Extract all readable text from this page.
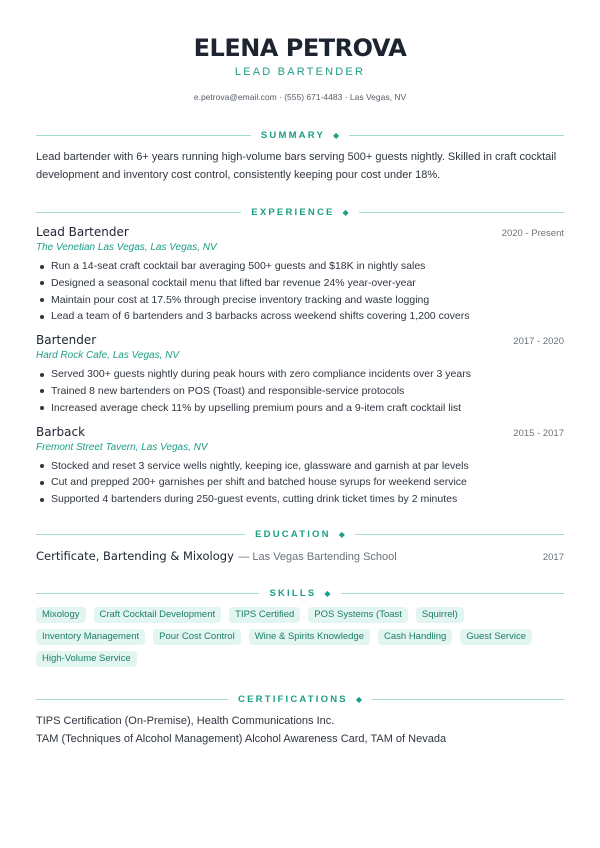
ELENA PETROVA
LEAD BARTENDER
e.petrova@email.com · (555) 671-4483 · Las Vegas, NV
SUMMARY ◆
Lead bartender with 6+ years running high-volume bars serving 500+ guests nightly. Skilled in craft cocktail development and inventory cost control, consistently keeping pour cost under 18%.
EXPERIENCE ◆
Lead Bartender	2020 - Present
The Venetian Las Vegas, Las Vegas, NV
Run a 14-seat craft cocktail bar averaging 500+ guests and $18K in nightly sales
Designed a seasonal cocktail menu that lifted bar revenue 24% year-over-year
Maintain pour cost at 17.5% through precise inventory tracking and waste logging
Lead a team of 6 bartenders and 3 barbacks across weekend shifts covering 1,200 covers
Bartender	2017 - 2020
Hard Rock Cafe, Las Vegas, NV
Served 300+ guests nightly during peak hours with zero compliance incidents over 3 years
Trained 8 new bartenders on POS (Toast) and responsible-service protocols
Increased average check 11% by upselling premium pours and a 9-item craft cocktail list
Barback	2015 - 2017
Fremont Street Tavern, Las Vegas, NV
Stocked and reset 3 service wells nightly, keeping ice, glassware and garnish at par levels
Cut and prepped 200+ garnishes per shift and batched house syrups for weekend service
Supported 4 bartenders during 250-guest events, cutting drink ticket times by 2 minutes
EDUCATION ◆
Certificate, Bartending & Mixology — Las Vegas Bartending School	2017
SKILLS ◆
Mixology	Craft Cocktail Development	TIPS Certified	POS Systems (Toast	Squirrel)
Inventory Management	Pour Cost Control	Wine & Spirits Knowledge	Cash Handling	Guest Service
High-Volume Service
CERTIFICATIONS ◆
TIPS Certification (On-Premise), Health Communications Inc.
TAM (Techniques of Alcohol Management) Alcohol Awareness Card, TAM of Nevada
